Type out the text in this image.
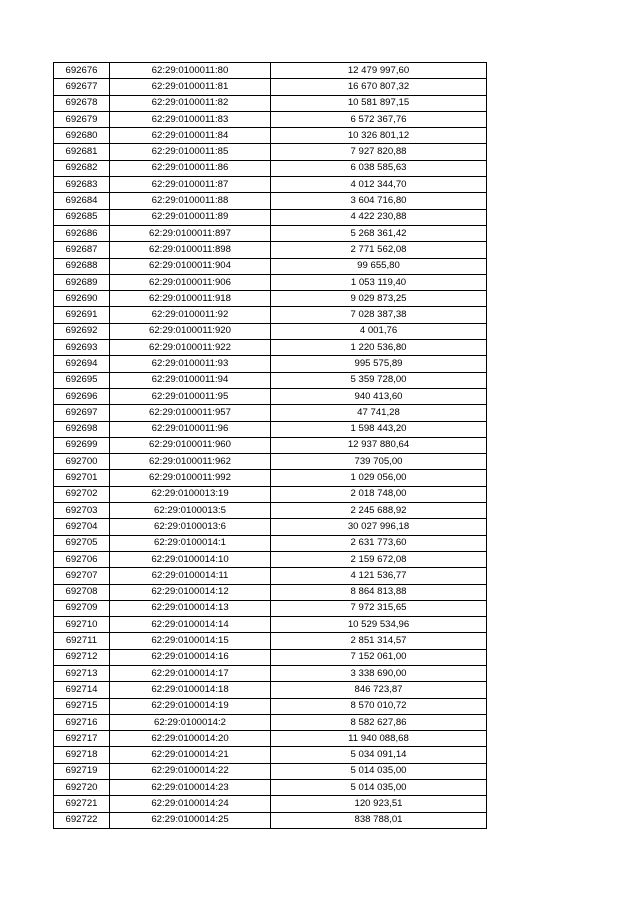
692676	62:29:0100011:80	12 479 997,60
692677	62:29:0100011:81	16 670 807,32
692678	62:29:0100011:82	10 581 897,15
692679	62:29:0100011:83	6 572 367,76
692680	62:29:0100011:84	10 326 801,12
692681	62:29:0100011:85	7 927 820,88
692682	62:29:0100011:86	6 038 585,63
692683	62:29:0100011:87	4 012 344,70
692684	62:29:0100011:88	3 604 716,80
692685	62:29:0100011:89	4 422 230,88
692686	62:29:0100011:897	5 268 361,42
692687	62:29:0100011:898	2 771 562,08
692688	62:29:0100011:904	99 655,80
692689	62:29:0100011:906	1 053 119,40
692690	62:29:0100011:918	9 029 873,25
692691	62:29:0100011:92	7 028 387,38
692692	62:29:0100011:920	4 001,76
692693	62:29:0100011:922	1 220 536,80
692694	62:29:0100011:93	995 575,89
692695	62:29:0100011:94	5 359 728,00
692696	62:29:0100011:95	940 413,60
692697	62:29:0100011:957	47 741,28
692698	62:29:0100011:96	1 598 443,20
692699	62:29:0100011:960	12 937 880,64
692700	62:29:0100011:962	739 705,00
692701	62:29:0100011:992	1 029 056,00
692702	62:29:0100013:19	2 018 748,00
692703	62:29:0100013:5	2 245 688,92
692704	62:29:0100013:6	30 027 996,18
692705	62:29:0100014:1	2 631 773,60
692706	62:29:0100014:10	2 159 672,08
692707	62:29:0100014:11	4 121 536,77
692708	62:29:0100014:12	8 864 813,88
692709	62:29:0100014:13	7 972 315,65
692710	62:29:0100014:14	10 529 534,96
692711	62:29:0100014:15	2 851 314,57
692712	62:29:0100014:16	7 152 061,00
692713	62:29:0100014:17	3 338 690,00
692714	62:29:0100014:18	846 723,87
692715	62:29:0100014:19	8 570 010,72
692716	62:29:0100014:2	8 582 627,86
692717	62:29:0100014:20	11 940 088,68
692718	62:29:0100014:21	5 034 091,14
692719	62:29:0100014:22	5 014 035,00
692720	62:29:0100014:23	5 014 035,00
692721	62:29:0100014:24	120 923,51
692722	62:29:0100014:25	838 788,01
